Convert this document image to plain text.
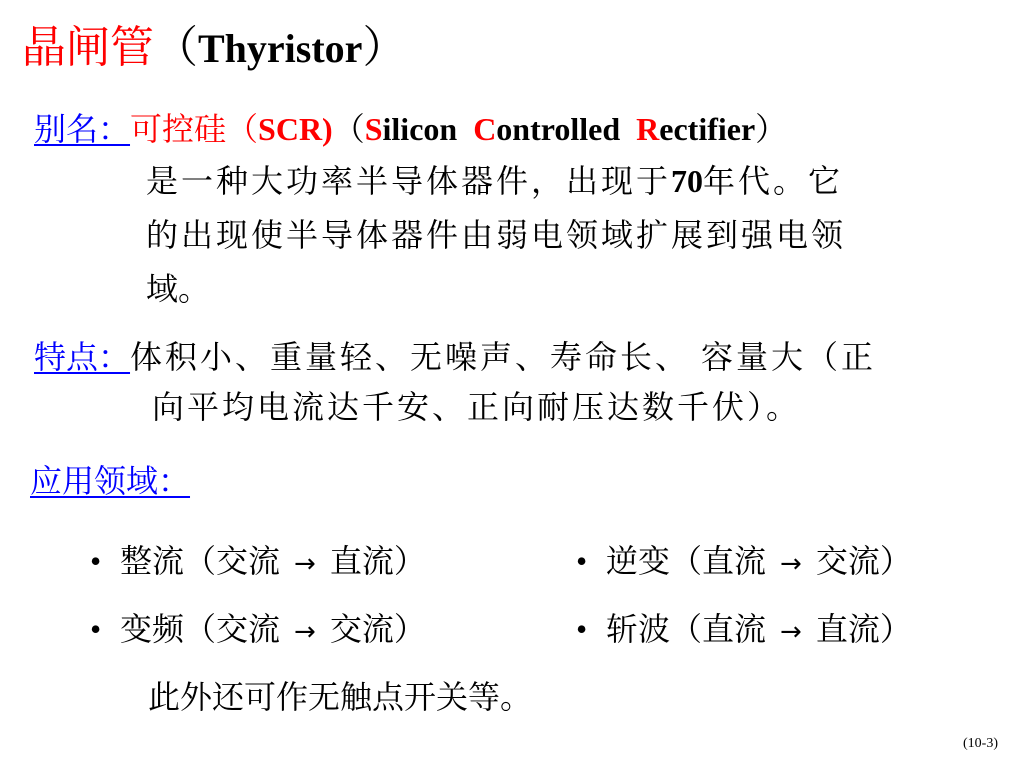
晶闸管（Thyristor）
别名：可控硅（SCR)（Silicon  Controlled  Rectifier）
是一种大功率半导体器件，出现于70年代。它
的出现使半导体器件由弱电领域扩展到强电领
域。
特点：体积小、重量轻、无噪声、寿命长、 容量大（正
向平均电流达千安、正向耐压达数千伏）。
应用领域：
• 整流（交流 → 直流）	• 逆变（直流 → 交流）
• 变频（交流 → 交流）	• 斩波（直流 → 直流）
此外还可作无触点开关等。
(10-3)
